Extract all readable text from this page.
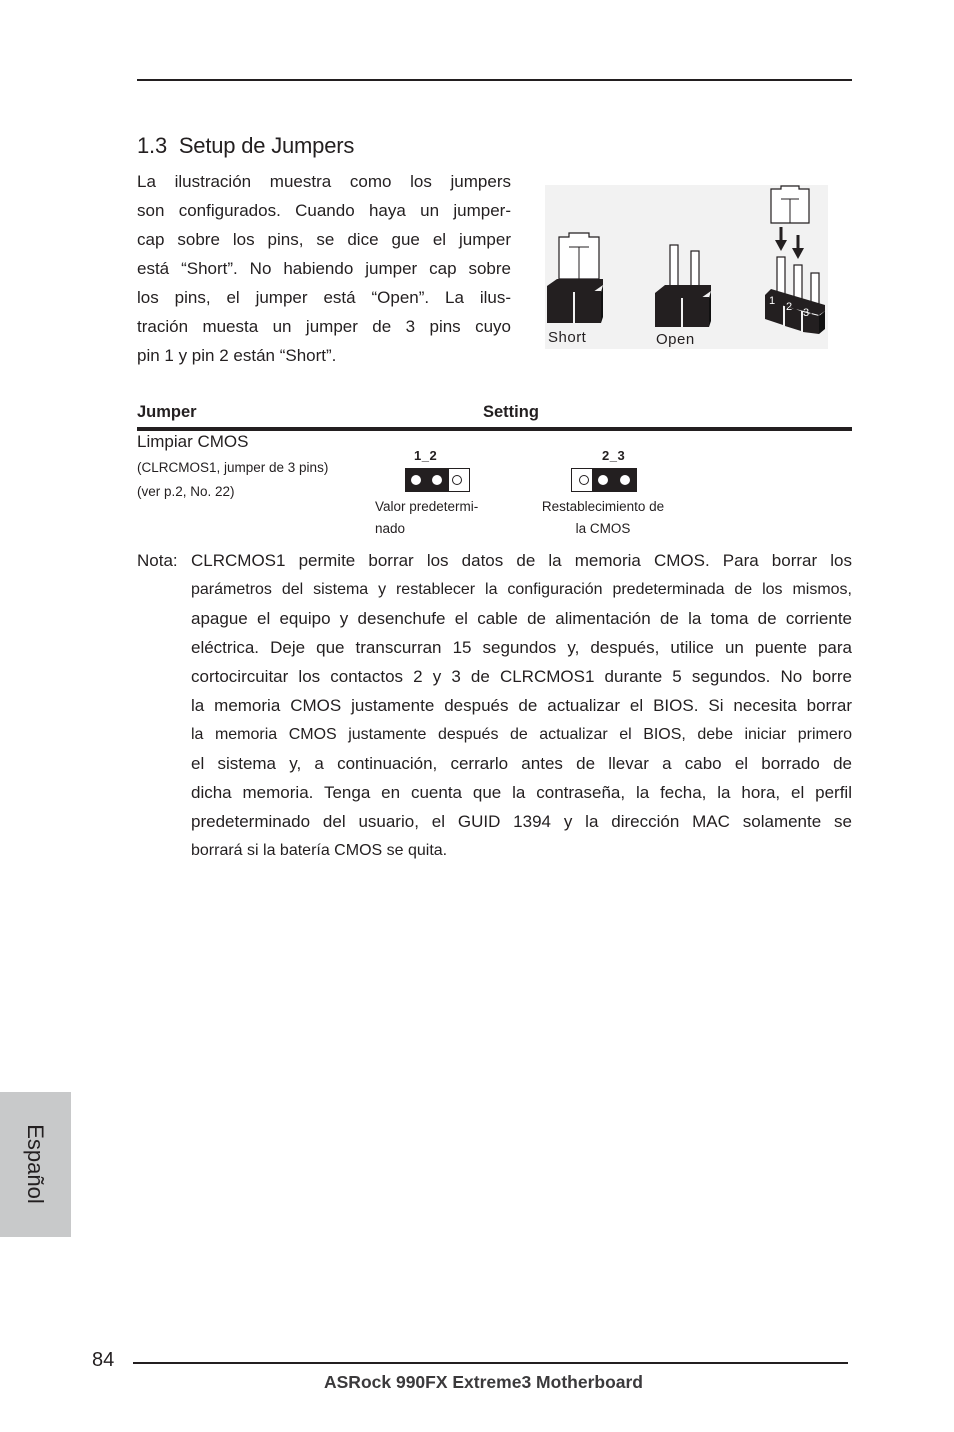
1.3 Setup de Jumpers
La ilustración muestra como los jumpers
son configurados. Cuando haya un jumper-
cap sobre los pins, se dice gue el jumper
está “Short”. No habiendo jumper cap sobre
los pins, el jumper está “Open”. La ilus-
tración muesta un jumper de 3 pins cuyo
pin 1 y pin 2 están “Short”.
1 2 3
Short	Open
Jumper	Setting
Limpiar CMOS
(CLRCMOS1, jumper de 3 pins)
(ver p.2, No. 22)
1_2	2_3
Valor predetermi-
nado
Restablecimiento de
la CMOS
Nota: CLRCMOS1 permite borrar los datos de la memoria CMOS. Para borrar los
parámetros del sistema y restablecer la configuración predeterminada de los mismos,
apague el equipo y desenchufe el cable de alimentación de la toma de corriente
eléctrica. Deje que transcurran 15 segundos y, después, utilice un puente para
cortocircuitar los contactos 2 y 3 de CLRCMOS1 durante 5 segundos. No borre
la memoria CMOS justamente después de actualizar el BIOS. Si necesita borrar
la memoria CMOS justamente después de actualizar el BIOS, debe iniciar primero
el sistema y, a continuación, cerrarlo antes de llevar a cabo el borrado de
dicha memoria. Tenga en cuenta que la contraseña, la fecha, la hora, el perfil
predeterminado del usuario, el GUID 1394 y la dirección MAC solamente se
borrará si la batería CMOS se quita.
Español
84
ASRock 990FX Extreme3 Motherboard
